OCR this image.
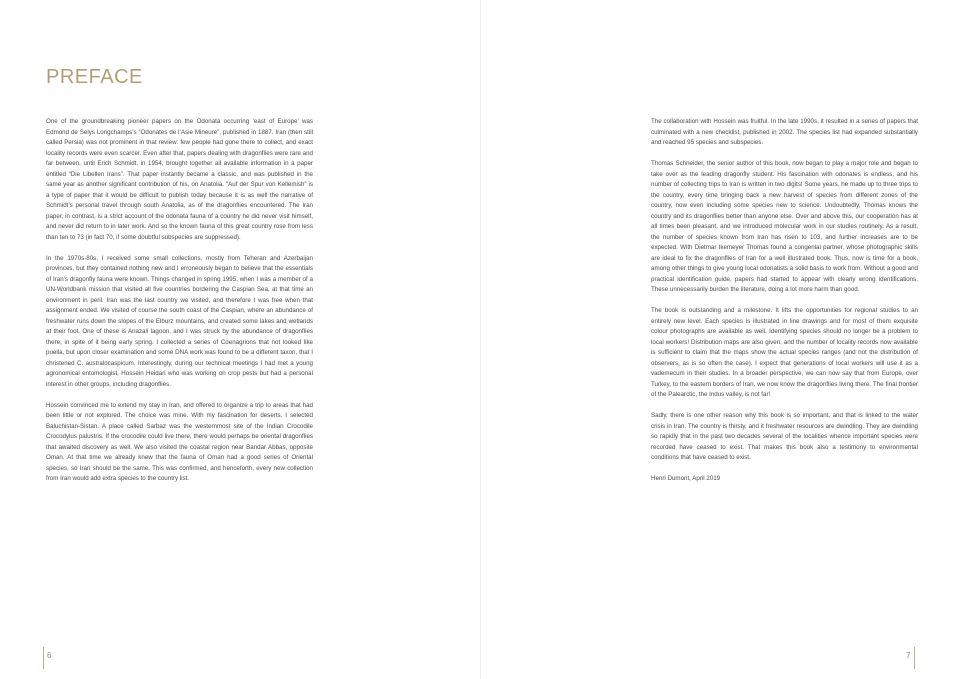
PREFACE

One of the groundbreaking pioneer papers on the Odonata occurring ‘east of Europe’ was Edmond de Selys Longchamps’s “Odonates de l’Asie Mineure”, published in 1887. Iran (then still called Persia) was not prominent in that review: few people had gone there to collect, and exact locality records were even scarcer. Even after that, papers dealing with dragonflies were rare and far between, until Erich Schmidt, in 1954, brought together all available information in a paper entitled “Die Libellen Irans”. That paper instantly became a classic, and was published in the same year as another significant contribution of his, on Anatolia. “Auf der Spur von Kellemish” is a type of paper that it would be difficult to publish today because it is as well the narrative of Schmidt’s personal travel through south Anatolia, as of the dragonflies encountered. The Iran paper, in contrast, is a strict account of the odonata fauna of a country he did never visit himself, and never did return to in later work. And so the known fauna of this great country rose from less than ten to 73 (in fact 70, if some doubtful subspecies are suppressed).

In the 1970s-80s, I received some small collections, mostly from Teheran and Azerbaijan provinces, but they contained nothing new and I erroneously began to believe that the essentials of Iran’s dragonfly fauna were known. Things changed in spring 1995, when I was a member of a UN-Worldbank mission that visited all five countries bordering the Caspian Sea, at that time an environment in peril. Iran was the last country we visited, and therefore I was free when that assignment ended. We visited of course the south coast of the Caspian, where an abundance of freshwater runs down the slopes of the Elburz mountains, and created some lakes and wetlands at their foot. One of these is Anazali lagoon, and I was struck by the abundance of dragonflies there, in spite of it being early spring. I collected a series of Coenagrions that not looked like puella, but upon closer examination and some DNA work was found to be a different taxon, that I christened C. australocaspicum. Interestingly, during our technical meetings I had met a young agronomical entomologist, Hossein Heidari who was working on crop pests but had a personal interest in other groups, including dragonflies.

Hossein convinced me to extend my stay in Iran, and offered to organize a trip to areas that had been little or not explored. The choice was mine. With my fascination for deserts, I selected Baluchistan-Sistan. A place called Sarbaz was the westernmost site of the Indian Crocodile Crocodylus palustris. If the crocodile could live there, there would perhaps be oriental dragonflies that awaited discovery as well. We also visited the coastal region near Bandar Abbas, opposite Oman. At that time we already knew that the fauna of Oman had a good series of Oriental species, so Iran should be the same. This was confirmed, and henceforth, every new collection from Iran would add extra species to the country list.

The collaboration with Hossein was fruitful. In the late 1990s, it resulted in a series of papers that culminated with a new checklist, published in 2002. The species list had expanded substantially and reached 95 species and subspecies.

Thomas Schneider, the senior author of this book, now began to play a major role and began to take over as the leading dragonfly student. His fascination with odonates is endless, and his number of collecting trips to Iran is written in two digits! Some years, he made up to three trips to the country, every time bringing back a new harvest of species from different zones of the country, now even including some species new to science. Undoubtedly, Thomas knows the country and its dragonflies better than anyone else. Over and above this, our cooperation has at all times been pleasant, and we introduced molecular work in our studies routinely. As a result, the number of species known from Iran has risen to 103, and further increases are to be expected. With Dietmar Ikemeyer Thomas found a congenial partner, whose photographic skills are ideal to fix the dragonflies of Iran for a well illustrated book. Thus, now is time for a book, among other things to give young local odonatists a solid basis to work from. Without a good and practical identification guide, papers had started to appear with clearly wrong identifications. These unnecessarily burden the literature, doing a lot more harm than good.

The book is outstanding and a milestone. It lifts the opportunities for regional studies to an entirely new level. Each species is illustrated in line drawings and for most of them exquisite colour photographs are available as well. Identifying species should no longer be a problem to local workers! Distribution maps are also given, and the number of locality records now available is sufficient to claim that the maps show the actual species ranges (and not the distribution of observers, as is so often the case). I expect that generations of local workers will use it as a vademecum in their studies. In a broader perspective, we can now say that from Europe, over Turkey, to the eastern borders of Iran, we now know the dragonflies living there. The final frontier of the Palearctic, the Indus valley, is not far!

Sadly, there is one other reason why this book is so important, and that is linked to the water crisis in Iran. The country is thirsty, and it freshwater resources are dwindling. They are dwindling so rapidly that in the past two decades several of the localities whence important species were recorded have ceased to exist. That makes this book also a testimony to environmental conditions that have ceased to exist.

Henri Dumont, April 2019

6	7
